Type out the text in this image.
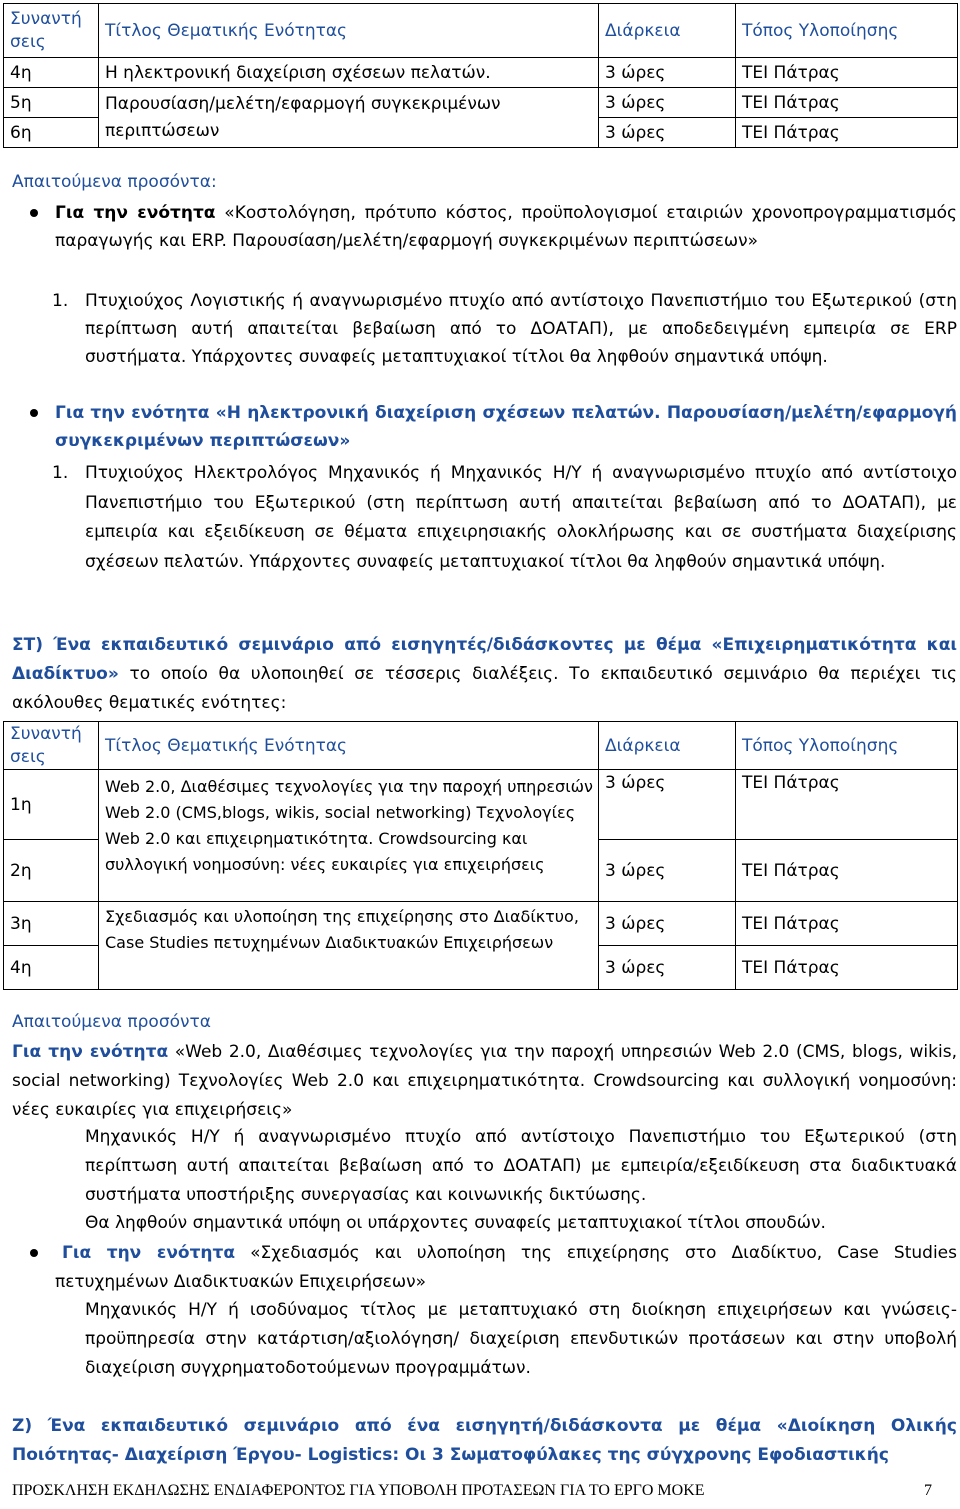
Συναντή σεις	Τίτλος Θεματικής Ενότητας	Διάρκεια	Τόπος Υλοποίησης
4η	Η ηλεκτρονική διαχείριση σχέσεων πελατών.	3 ώρες	ΤΕΙ Πάτρας
5η	Παρουσίαση/μελέτη/εφαρμογή συγκεκριμένων περιπτώσεων	3 ώρες	ΤΕΙ Πάτρας
6η		3 ώρες	ΤΕΙ Πάτρας
Απαιτούμενα προσόντα:

Για την ενότητα «Κοστολόγηση, πρότυπο κόστος, προϋπολογισμοί εταιριών χρονοπρογραμματισμός παραγωγής και ERP. Παρουσίαση/μελέτη/εφαρμογή συγκεκριμένων περιπτώσεων»

1. Πτυχιούχος Λογιστικής ή αναγνωρισμένο πτυχίο από αντίστοιχο Πανεπιστήμιο του Εξωτερικού (στη περίπτωση αυτή απαιτείται βεβαίωση από το ΔΟΑΤΑΠ), με αποδεδειγμένη εμπειρία σε ERP συστήματα. Υπάρχοντες συναφείς μεταπτυχιακοί τίτλοι θα ληφθούν σημαντικά υπόψη.

Για την ενότητα «Η ηλεκτρονική διαχείριση σχέσεων πελατών. Παρουσίαση/μελέτη/εφαρμογή συγκεκριμένων περιπτώσεων»

1. Πτυχιούχος Ηλεκτρολόγος Μηχανικός ή Μηχανικός Η/Υ ή αναγνωρισμένο πτυχίο από αντίστοιχο Πανεπιστήμιο του Εξωτερικού (στη περίπτωση αυτή απαιτείται βεβαίωση από το ΔΟΑΤΑΠ), με εμπειρία και εξειδίκευση σε θέματα επιχειρησιακής ολοκλήρωσης και σε συστήματα διαχείρισης σχέσεων πελατών. Υπάρχοντες συναφείς μεταπτυχιακοί τίτλοι θα ληφθούν σημαντικά υπόψη.

ΣΤ) Ένα εκπαιδευτικό σεμινάριο από εισηγητές/διδάσκοντες με θέμα «Επιχειρηματικότητα και Διαδίκτυο» το οποίο θα υλοποιηθεί σε τέσσερις διαλέξεις. Το εκπαιδευτικό σεμινάριο θα περιέχει τις ακόλουθες θεματικές ενότητες:

Συναντή σεις	Τίτλος Θεματικής Ενότητας	Διάρκεια	Τόπος Υλοποίησης
1η	Web 2.0, Διαθέσιμες τεχνολογίες για την παροχή υπηρεσιών Web 2.0 (CMS,blogs, wikis, social networking) Τεχνολογίες Web 2.0 και επιχειρηματικότητα. Crowdsourcing και συλλογική νοημοσύνη: νέες ευκαιρίες για επιχειρήσεις	3 ώρες	ΤΕΙ Πάτρας
2η		3 ώρες	ΤΕΙ Πάτρας
3η	Σχεδιασμός και υλοποίηση της επιχείρησης στο Διαδίκτυο, Case Studies πετυχημένων Διαδικτυακών Επιχειρήσεων	3 ώρες	ΤΕΙ Πάτρας
4η		3 ώρες	ΤΕΙ Πάτρας
Απαιτούμενα προσόντα

Για την ενότητα «Web 2.0, Διαθέσιμες τεχνολογίες για την παροχή υπηρεσιών Web 2.0 (CMS, blogs, wikis, social networking) Τεχνολογίες Web 2.0 και επιχειρηματικότητα. Crowdsourcing και συλλογική νοημοσύνη: νέες ευκαιρίες για επιχειρήσεις»

Μηχανικός Η/Υ ή αναγνωρισμένο πτυχίο από αντίστοιχο Πανεπιστήμιο του Εξωτερικού (στη περίπτωση αυτή απαιτείται βεβαίωση από το ΔΟΑΤΑΠ) με εμπειρία/εξειδίκευση στα διαδικτυακά συστήματα υποστήριξης συνεργασίας και κοινωνικής δικτύωσης.

Θα ληφθούν σημαντικά υπόψη οι υπάρχοντες συναφείς μεταπτυχιακοί τίτλοι σπουδών.

Για την ενότητα «Σχεδιασμός και υλοποίηση της επιχείρησης στο Διαδίκτυο, Case Studies πετυχημένων Διαδικτυακών Επιχειρήσεων»

Μηχανικός Η/Υ ή ισοδύναμος τίτλος με μεταπτυχιακό στη διοίκηση επιχειρήσεων και γνώσεις-προϋπηρεσία στην κατάρτιση/αξιολόγηση/ διαχείριση επενδυτικών προτάσεων και στην υποβολή διαχείριση συγχρηματοδοτούμενων προγραμμάτων.

Ζ) Ένα εκπαιδευτικό σεμινάριο από ένα εισηγητή/διδάσκοντα με θέμα «Διοίκηση Ολικής Ποιότητας- Διαχείριση Έργου- Logistics: Οι 3 Σωματοφύλακες της σύγχρονης Εφοδιαστικής

ΠΡΟΣΚΛΗΣΗ ΕΚΔΗΛΩΣΗΣ ΕΝΔΙΑΦΕΡΟΝΤΟΣ ΓΙΑ ΥΠΟΒΟΛΗ ΠΡΟΤΑΣΕΩΝ ΓΙΑ ΤΟ ΕΡΓΟ ΜΟΚΕ	7
